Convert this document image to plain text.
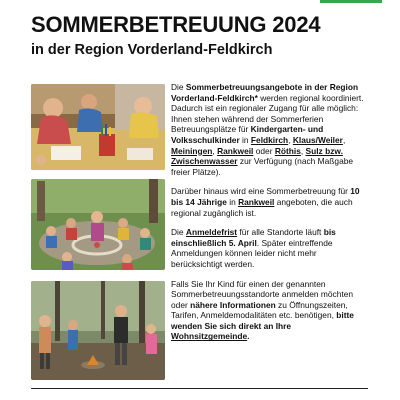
SOMMERBETREUUNG 2024
in der Region Vorderland-Feldkirch

Die Sommerbetreuungsangebote in der Region Vorderland-Feldkirch* werden regional koordiniert. Dadurch ist ein regionaler Zugang für alle möglich: Ihnen stehen während der Sommerferien Betreuungsplätze für Kindergarten- und Volksschulkinder in Feldkirch, Klaus/Weiler, Meiningen, Rankweil oder Röthis, Sulz bzw. Zwischenwasser zur Verfügung (nach Maßgabe freier Plätze).

Darüber hinaus wird eine Sommerbetreuung für 10 bis 14 Jährige in Rankweil angeboten, die auch regional zugänglich ist.

Die Anmeldefrist für alle Standorte läuft bis einschließlich 5. April. Später eintreffende Anmeldungen können leider nicht mehr berücksichtigt werden.

Falls Sie Ihr Kind für einen der genannten Sommerbetreuungsstandorte anmelden möchten oder nähere Informationen zu Öffnungszeiten, Tarifen, Anmeldemodalitäten etc. benötigen, bitte wenden Sie sich direkt an Ihre Wohnsitzgemeinde.
